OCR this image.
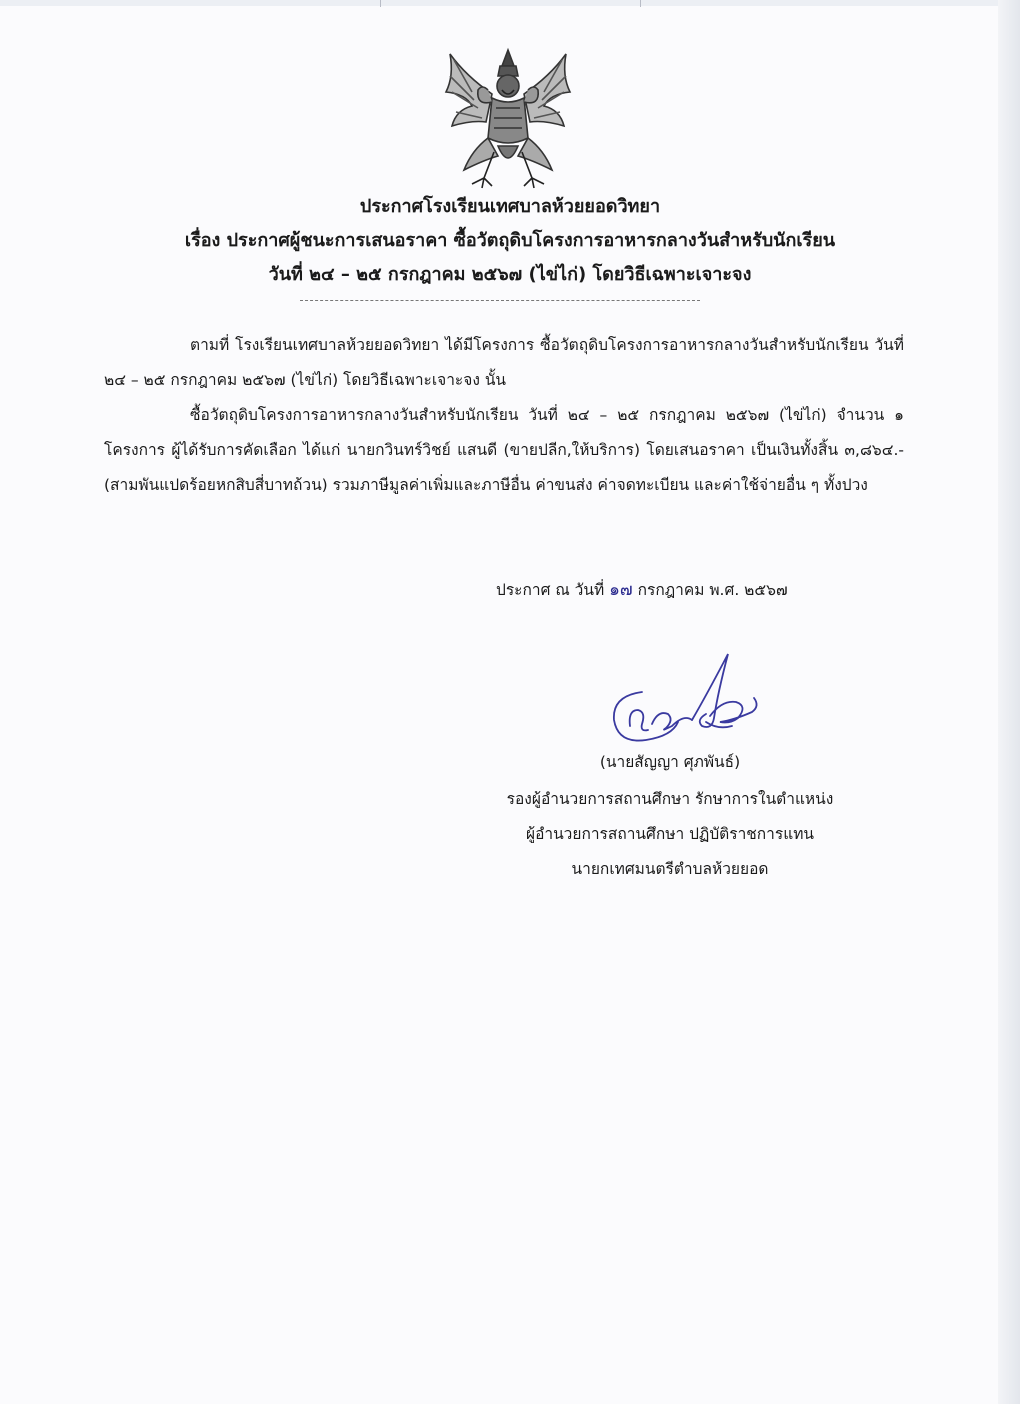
ประกาศโรงเรียนเทศบาลห้วยยอดวิทยา
เรื่อง ประกาศผู้ชนะการเสนอราคา ซื้อวัตถุดิบโครงการอาหารกลางวันสำหรับนักเรียน
วันที่ ๒๔ – ๒๕ กรกฎาคม ๒๕๖๗ (ไข่ไก่) โดยวิธีเฉพาะเจาะจง
ตามที่ โรงเรียนเทศบาลห้วยยอดวิทยา ได้มีโครงการ ซื้อวัตถุดิบโครงการอาหารกลางวันสำหรับนักเรียน วันที่ ๒๔ – ๒๕ กรกฎาคม ๒๕๖๗ (ไข่ไก่) โดยวิธีเฉพาะเจาะจง นั้น
ซื้อวัตถุดิบโครงการอาหารกลางวันสำหรับนักเรียน วันที่ ๒๔ – ๒๕ กรกฎาคม ๒๕๖๗ (ไข่ไก่) จำนวน ๑ โครงการ ผู้ได้รับการคัดเลือก ได้แก่ นายกวินทร์วิชย์ แสนดี (ขายปลีก,ให้บริการ) โดยเสนอราคา เป็นเงินทั้งสิ้น ๓,๘๖๔.- (สามพันแปดร้อยหกสิบสี่บาทถ้วน) รวมภาษีมูลค่าเพิ่มและภาษีอื่น ค่าขนส่ง ค่าจดทะเบียน และค่าใช้จ่ายอื่น ๆ ทั้งปวง
ประกาศ ณ วันที่ ๑๗ กรกฎาคม พ.ศ. ๒๕๖๗
(นายสัญญา ศุภพันธ์)
รองผู้อำนวยการสถานศึกษา รักษาการในตำแหน่ง
ผู้อำนวยการสถานศึกษา ปฏิบัติราชการแทน
นายกเทศมนตรีตำบลห้วยยอด
